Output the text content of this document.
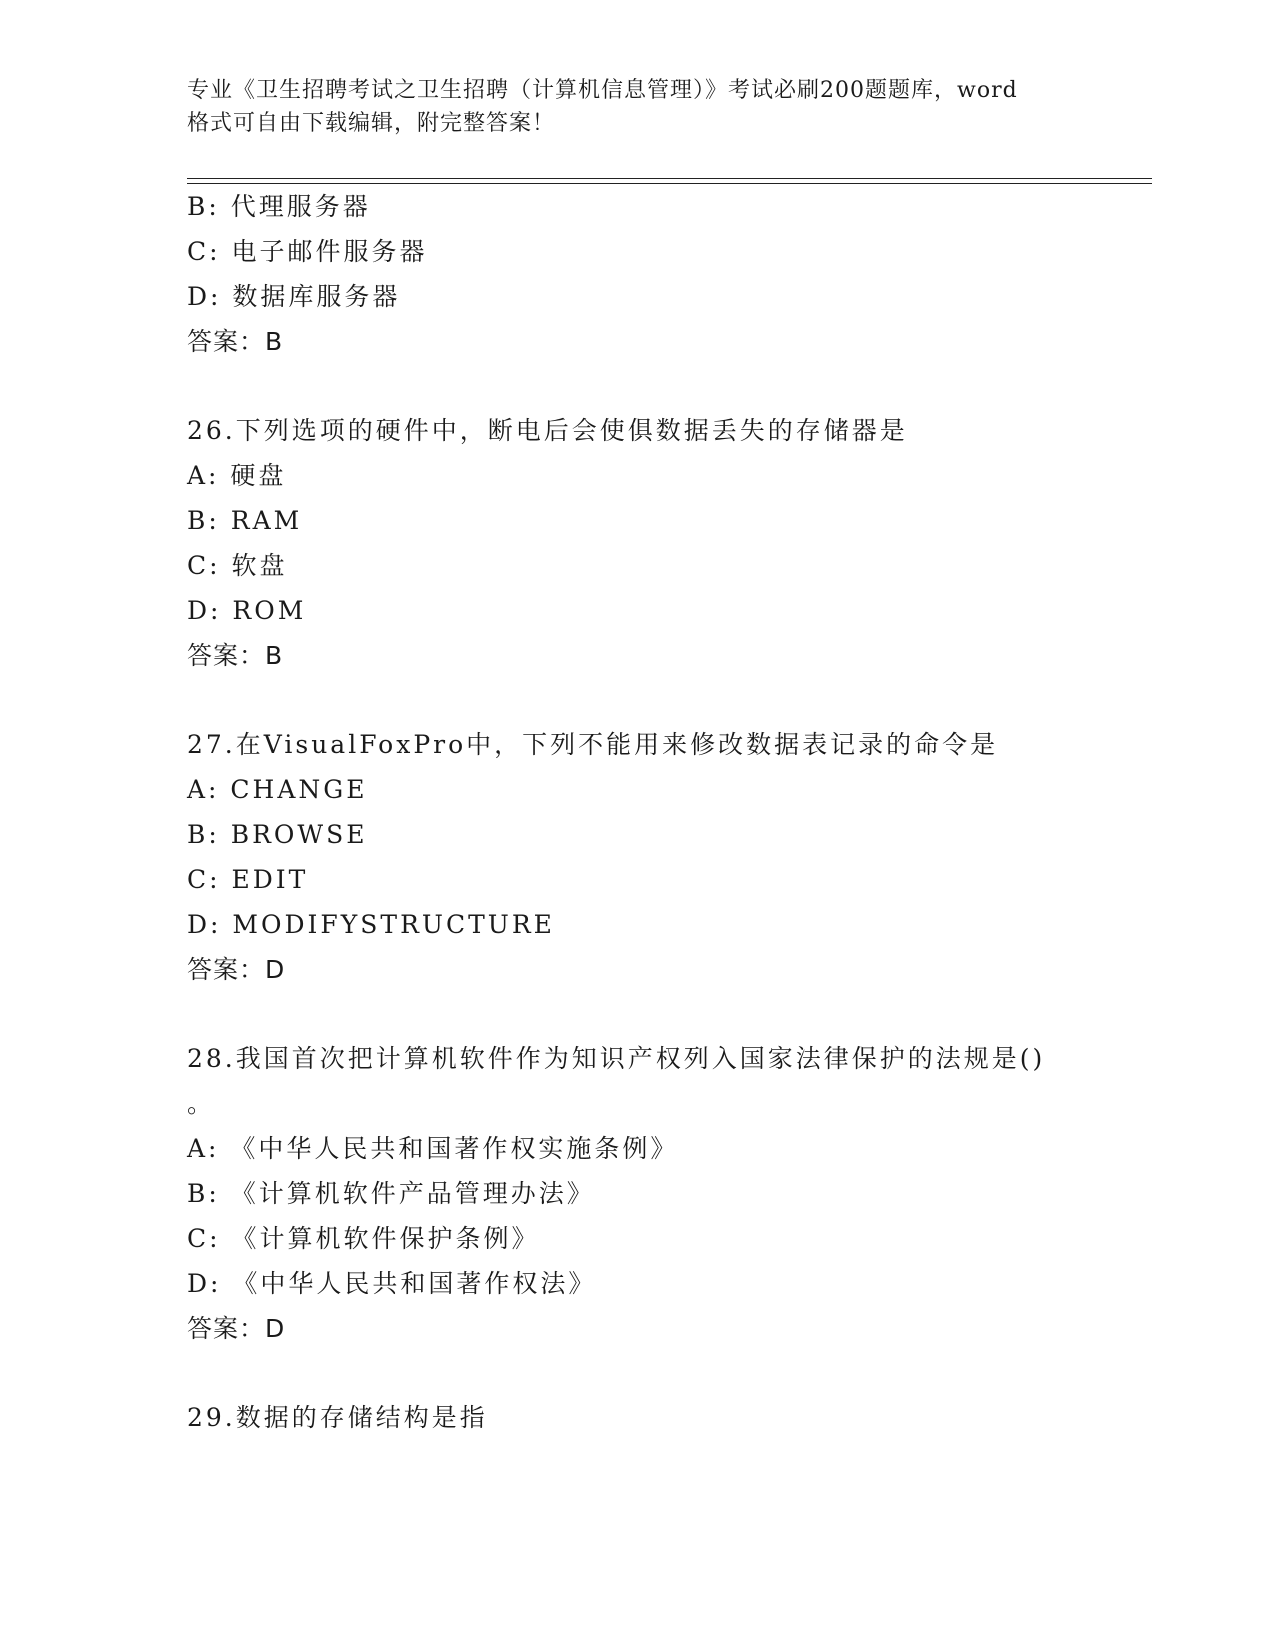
专业《卫生招聘考试之卫生招聘（计算机信息管理）》考试必刷200题题库，word
格式可自由下载编辑，附完整答案！
B: 代理服务器
C: 电子邮件服务器
D: 数据库服务器
答案：B
26.下列选项的硬件中，断电后会使俱数据丢失的存储器是
A: 硬盘
B: RAM
C: 软盘
D: ROM
答案：B
27.在VisualFoxPro中，下列不能用来修改数据表记录的命令是
A: CHANGE
B: BROWSE
C: EDIT
D: MODIFYSTRUCTURE
答案：D
28.我国首次把计算机软件作为知识产权列入国家法律保护的法规是()
。
A: 《中华人民共和国著作权实施条例》
B: 《计算机软件产品管理办法》
C: 《计算机软件保护条例》
D: 《中华人民共和国著作权法》
答案：D
29.数据的存储结构是指
